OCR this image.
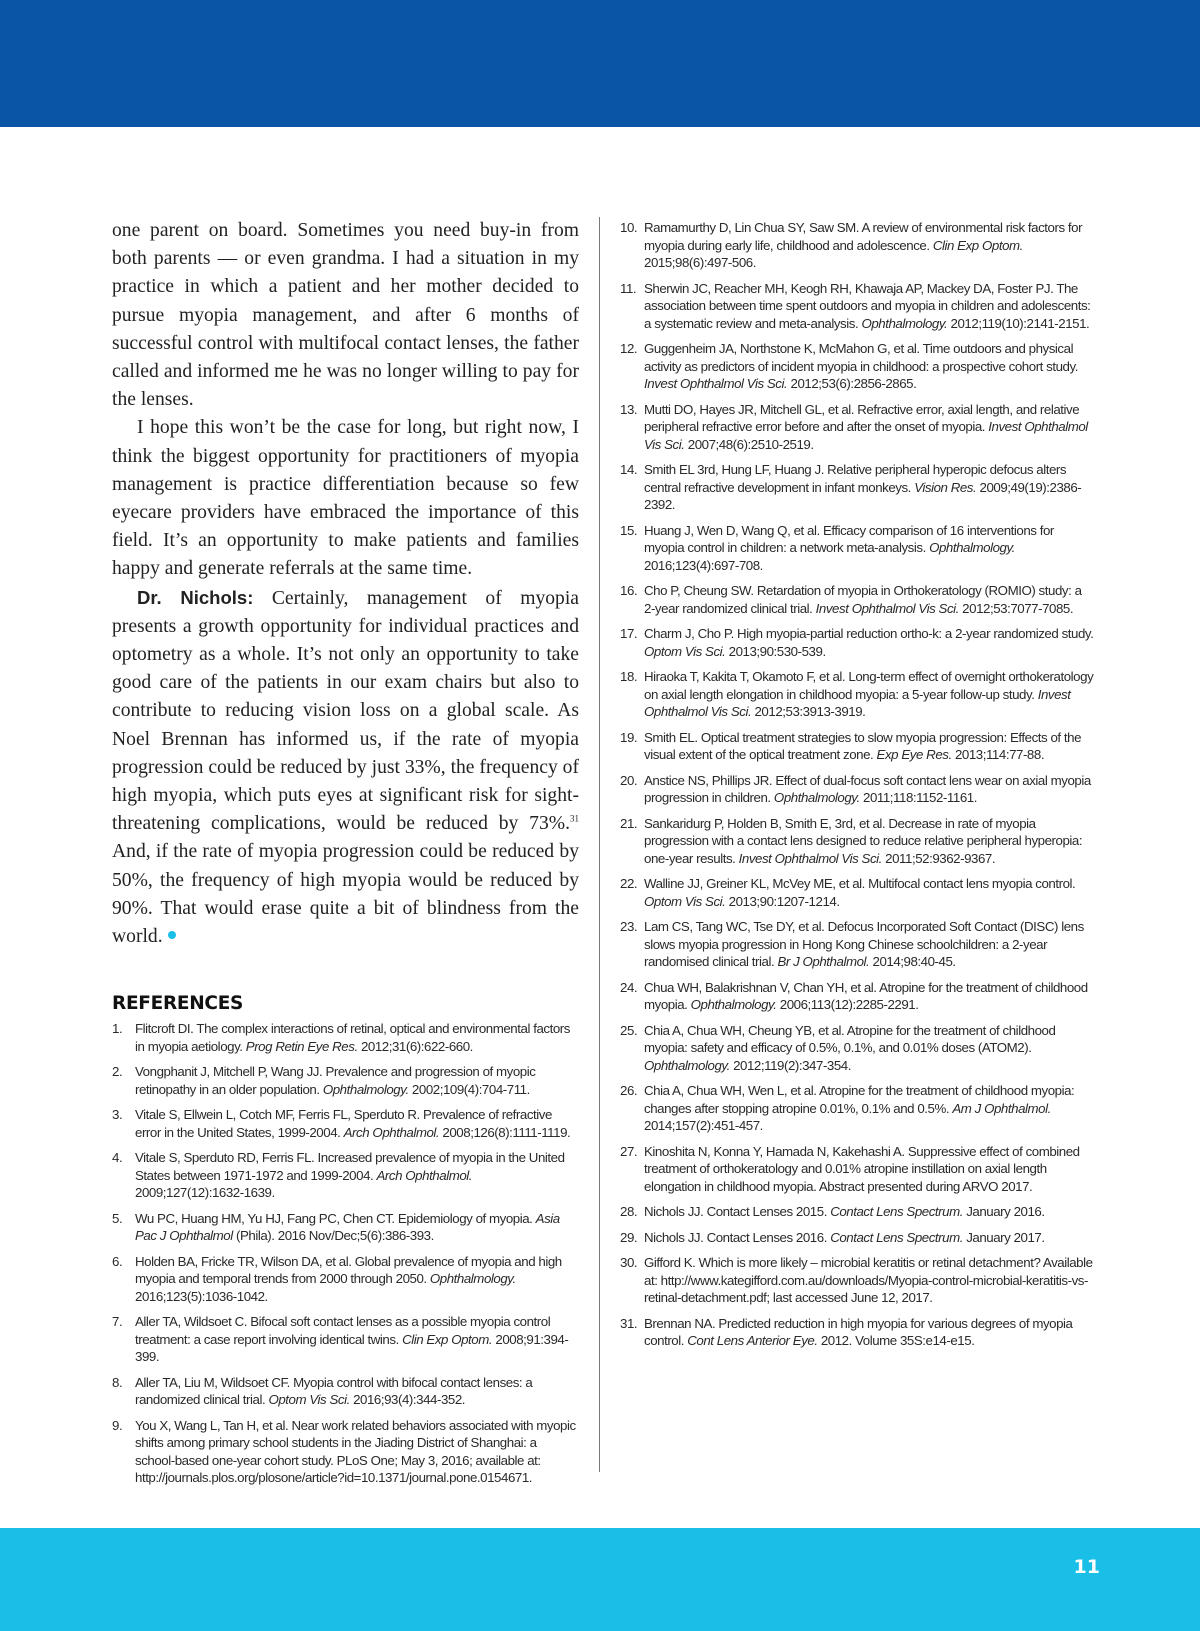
one parent on board. Sometimes you need buy-in from both parents — or even grandma. I had a situation in my practice in which a patient and her mother decided to pursue myopia management, and after 6 months of successful control with multifocal contact lenses, the father called and informed me he was no longer willing to pay for the lenses.

I hope this won’t be the case for long, but right now, I think the biggest opportunity for practitioners of myopia management is practice differentiation because so few eyecare providers have embraced the importance of this field. It’s an opportunity to make patients and families happy and generate referrals at the same time.

Dr. Nichols: Certainly, management of myopia presents a growth opportunity for individual practices and optometry as a whole. It’s not only an opportunity to take good care of the patients in our exam chairs but also to contribute to reducing vision loss on a global scale. As Noel Brennan has informed us, if the rate of myopia progression could be reduced by just 33%, the frequency of high myopia, which puts eyes at significant risk for sight-threatening complications, would be reduced by 73%.$^{31}$ And, if the rate of myopia progression could be reduced by 50%, the frequency of high myopia would be reduced by 90%. That would erase quite a bit of blindness from the world.

REFERENCES
1. Flitcroft DI. The complex interactions of retinal, optical and environmental factors in myopia aetiology. Prog Retin Eye Res. 2012;31(6):622-660.
2. Vongphanit J, Mitchell P, Wang JJ. Prevalence and progression of myopic retinopathy in an older population. Ophthalmology. 2002;109(4):704-711.
3. Vitale S, Ellwein L, Cotch MF, Ferris FL, Sperduto R. Prevalence of refractive error in the United States, 1999-2004. Arch Ophthalmol. 2008;126(8):1111-1119.
4. Vitale S, Sperduto RD, Ferris FL. Increased prevalence of myopia in the United States between 1971-1972 and 1999-2004. Arch Ophthalmol. 2009;127(12):1632-1639.
5. Wu PC, Huang HM, Yu HJ, Fang PC, Chen CT. Epidemiology of myopia. Asia Pac J Ophthalmol (Phila). 2016 Nov/Dec;5(6):386-393.
6. Holden BA, Fricke TR, Wilson DA, et al. Global prevalence of myopia and high myopia and temporal trends from 2000 through 2050. Ophthalmology. 2016;123(5):1036-1042.
7. Aller TA, Wildsoet C. Bifocal soft contact lenses as a possible myopia control treatment: a case report involving identical twins. Clin Exp Optom. 2008;91:394-399.
8. Aller TA, Liu M, Wildsoet CF. Myopia control with bifocal contact lenses: a randomized clinical trial. Optom Vis Sci. 2016;93(4):344-352.
9. You X, Wang L, Tan H, et al. Near work related behaviors associated with myopic shifts among primary school students in the Jiading District of Shanghai: a school-based one-year cohort study. PLoS One; May 3, 2016; available at: http://journals.plos.org/plosone/article?id=10.1371/journal.pone.0154671.
10. Ramamurthy D, Lin Chua SY, Saw SM. A review of environmental risk factors for myopia during early life, childhood and adolescence. Clin Exp Optom. 2015;98(6):497-506.
11. Sherwin JC, Reacher MH, Keogh RH, Khawaja AP, Mackey DA, Foster PJ. The association between time spent outdoors and myopia in children and adolescents: a systematic review and meta-analysis. Ophthalmology. 2012;119(10):2141-2151.
12. Guggenheim JA, Northstone K, McMahon G, et al. Time outdoors and physical activity as predictors of incident myopia in childhood: a prospective cohort study. Invest Ophthalmol Vis Sci. 2012;53(6):2856-2865.
13. Mutti DO, Hayes JR, Mitchell GL, et al. Refractive error, axial length, and relative peripheral refractive error before and after the onset of myopia. Invest Ophthalmol Vis Sci. 2007;48(6):2510-2519.
14. Smith EL 3rd, Hung LF, Huang J. Relative peripheral hyperopic defocus alters central refractive development in infant monkeys. Vision Res. 2009;49(19):2386-2392.
15. Huang J, Wen D, Wang Q, et al. Efficacy comparison of 16 interventions for myopia control in children: a network meta-analysis. Ophthalmology. 2016;123(4):697-708.
16. Cho P, Cheung SW. Retardation of myopia in Orthokeratology (ROMIO) study: a 2-year randomized clinical trial. Invest Ophthalmol Vis Sci. 2012;53:7077-7085.
17. Charm J, Cho P. High myopia-partial reduction ortho-k: a 2-year randomized study. Optom Vis Sci. 2013;90:530-539.
18. Hiraoka T, Kakita T, Okamoto F, et al. Long-term effect of overnight orthokeratology on axial length elongation in childhood myopia: a 5-year follow-up study. Invest Ophthalmol Vis Sci. 2012;53:3913-3919.
19. Smith EL. Optical treatment strategies to slow myopia progression: Effects of the visual extent of the optical treatment zone. Exp Eye Res. 2013;114:77-88.
20. Anstice NS, Phillips JR. Effect of dual-focus soft contact lens wear on axial myopia progression in children. Ophthalmology. 2011;118:1152-1161.
21. Sankaridurg P, Holden B, Smith E, 3rd, et al. Decrease in rate of myopia progression with a contact lens designed to reduce relative peripheral hyperopia: one-year results. Invest Ophthalmol Vis Sci. 2011;52:9362-9367.
22. Walline JJ, Greiner KL, McVey ME, et al. Multifocal contact lens myopia control. Optom Vis Sci. 2013;90:1207-1214.
23. Lam CS, Tang WC, Tse DY, et al. Defocus Incorporated Soft Contact (DISC) lens slows myopia progression in Hong Kong Chinese schoolchildren: a 2-year randomised clinical trial. Br J Ophthalmol. 2014;98:40-45.
24. Chua WH, Balakrishnan V, Chan YH, et al. Atropine for the treatment of childhood myopia. Ophthalmology. 2006;113(12):2285-2291.
25. Chia A, Chua WH, Cheung YB, et al. Atropine for the treatment of childhood myopia: safety and efficacy of 0.5%, 0.1%, and 0.01% doses (ATOM2). Ophthalmology. 2012;119(2):347-354.
26. Chia A, Chua WH, Wen L, et al. Atropine for the treatment of childhood myopia: changes after stopping atropine 0.01%, 0.1% and 0.5%. Am J Ophthalmol. 2014;157(2):451-457.
27. Kinoshita N, Konna Y, Hamada N, Kakehashi A. Suppressive effect of combined treatment of orthokeratology and 0.01% atropine instillation on axial length elongation in childhood myopia. Abstract presented during ARVO 2017.
28. Nichols JJ. Contact Lenses 2015. Contact Lens Spectrum. January 2016.
29. Nichols JJ. Contact Lenses 2016. Contact Lens Spectrum. January 2017.
30. Gifford K. Which is more likely – microbial keratitis or retinal detachment? Available at: http://www.kategifford.com.au/downloads/Myopia-control-microbial-keratitis-vs-retinal-detachment.pdf; last accessed June 12, 2017.
31. Brennan NA. Predicted reduction in high myopia for various degrees of myopia control. Cont Lens Anterior Eye. 2012. Volume 35S:e14-e15.
11
